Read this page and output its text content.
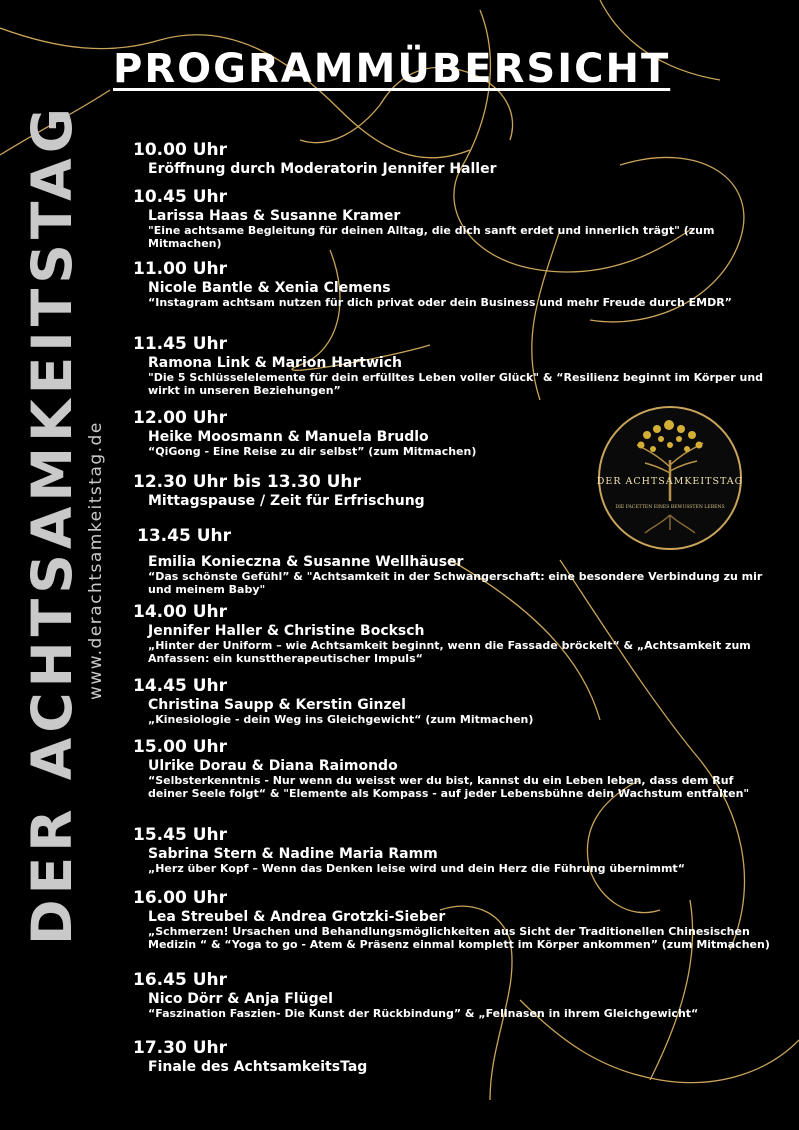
PROGRAMMÜBERSICHT
DER ACHTSAMKEITSTAG www.derachtsamkeitstag.de	DER ACHTSAMKEITSTAG
DIE FACETTEN EINES BEWUSSTEN LEBENS
10.00 Uhr
Eröffnung durch Moderatorin Jennifer Haller
10.45 Uhr
Larissa Haas & Susanne Kramer
"Eine achtsame Begleitung für deinen Alltag, die dich sanft erdet und innerlich trägt" (zum Mitmachen)
11.00 Uhr
Nicole Bantle & Xenia Clemens
“Instagram achtsam nutzen für dich privat oder dein Business und mehr Freude durch EMDR”
11.45 Uhr
Ramona Link & Marion Hartwich
"Die 5 Schlüsselelemente für dein erfülltes Leben voller Glück" & “Resilienz beginnt im Körper und wirkt in unseren Beziehungen”
12.00 Uhr
Heike Moosmann & Manuela Brudlo
“QiGong - Eine Reise zu dir selbst” (zum Mitmachen)
12.30 Uhr bis 13.30 Uhr
Mittagspause / Zeit für Erfrischung
13.45 Uhr
Emilia Konieczna & Susanne Wellhäuser
“Das schönste Gefühl” & "Achtsamkeit in der Schwangerschaft: eine besondere Verbindung zu mir und meinem Baby"
14.00 Uhr
Jennifer Haller & Christine Bocksch
„Hinter der Uniform – wie Achtsamkeit beginnt, wenn die Fassade bröckelt“ & „Achtsamkeit zum Anfassen: ein kunsttherapeutischer Impuls“
14.45 Uhr
Christina Saupp & Kerstin Ginzel
„Kinesiologie - dein Weg ins Gleichgewicht“ (zum Mitmachen)
15.00 Uhr
Ulrike Dorau & Diana Raimondo
“Selbsterkenntnis - Nur wenn du weisst wer du bist, kannst du ein Leben leben, dass dem Ruf deiner Seele folgt“ & "Elemente als Kompass - auf jeder Lebensbühne dein Wachstum entfalten"
15.45 Uhr
Sabrina Stern & Nadine Maria Ramm
„Herz über Kopf – Wenn das Denken leise wird und dein Herz die Führung übernimmt“
16.00 Uhr
Lea Streubel & Andrea Grotzki-Sieber
„Schmerzen! Ursachen und Behandlungsmöglichkeiten aus Sicht der Traditionellen Chinesischen Medizin “ & “Yoga to go - Atem & Präsenz einmal komplett im Körper ankommen” (zum Mitmachen)
16.45 Uhr
Nico Dörr & Anja Flügel
“Faszination Faszien- Die Kunst der Rückbindung” & „Fellnasen in ihrem Gleichgewicht“
17.30 Uhr
Finale des AchtsamkeitsTag
